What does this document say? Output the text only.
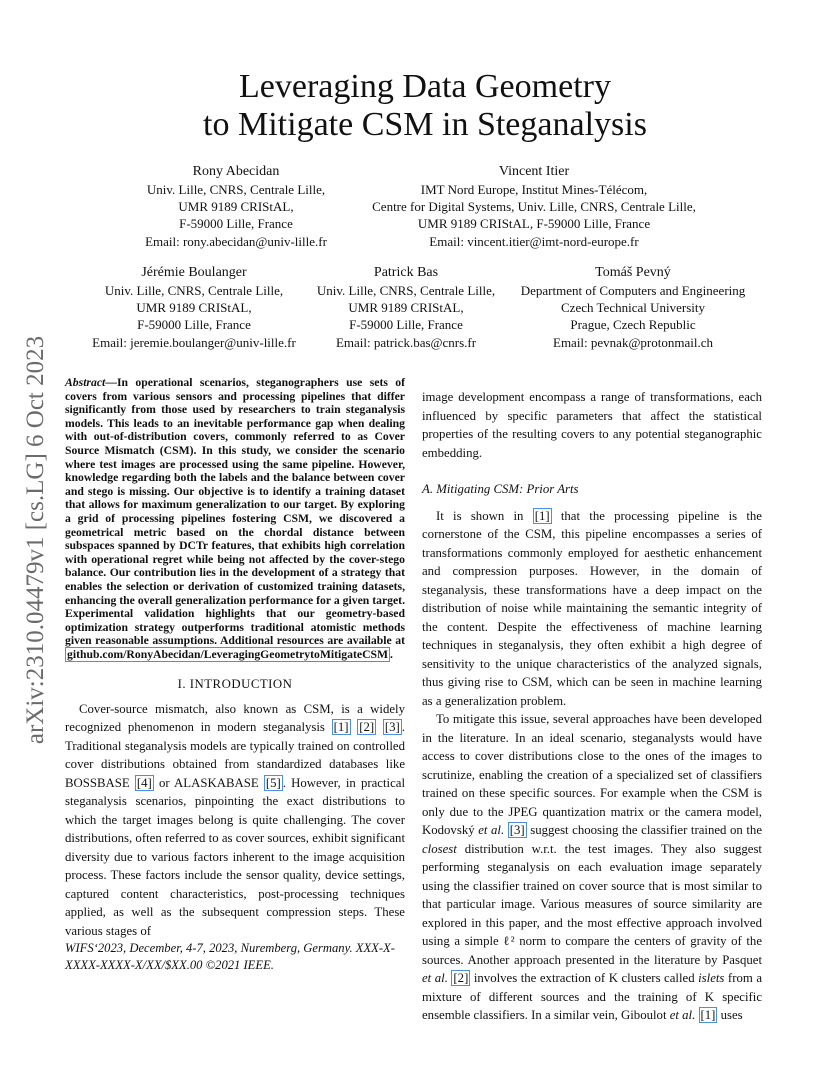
arXiv:2310.04479v1 [cs.LG] 6 Oct 2023
Leveraging Data Geometry
to Mitigate CSM in Steganalysis
Rony Abecidan
Univ. Lille, CNRS, Centrale Lille,
UMR 9189 CRIStAL,
F-59000 Lille, France
Email: rony.abecidan@univ-lille.fr
Vincent Itier
IMT Nord Europe, Institut Mines-Télécom,
Centre for Digital Systems, Univ. Lille, CNRS, Centrale Lille,
UMR 9189 CRIStAL, F-59000 Lille, France
Email: vincent.itier@imt-nord-europe.fr
Jérémie Boulanger
Univ. Lille, CNRS, Centrale Lille,
UMR 9189 CRIStAL,
F-59000 Lille, France
Email: jeremie.boulanger@univ-lille.fr
Patrick Bas
Univ. Lille, CNRS, Centrale Lille,
UMR 9189 CRIStAL,
F-59000 Lille, France
Email: patrick.bas@cnrs.fr
Tomáš Pevný
Department of Computers and Engineering
Czech Technical University
Prague, Czech Republic
Email: pevnak@protonmail.ch

Abstract—In operational scenarios, steganographers use sets of covers from various sensors and processing pipelines that differ significantly from those used by researchers to train steganalysis models. This leads to an inevitable performance gap when dealing with out-of-distribution covers, commonly referred to as Cover Source Mismatch (CSM). In this study, we consider the scenario where test images are processed using the same pipeline. However, knowledge regarding both the labels and the balance between cover and stego is missing. Our objective is to identify a training dataset that allows for maximum generalization to our target. By exploring a grid of processing pipelines fostering CSM, we discovered a geometrical metric based on the chordal distance between subspaces spanned by DCTr features, that exhibits high correlation with operational regret while being not affected by the cover-stego balance. Our contribution lies in the development of a strategy that enables the selection or derivation of customized training datasets, enhancing the overall generalization performance for a given target. Experimental validation highlights that our geometry-based optimization strategy outperforms traditional atomistic methods given reasonable assumptions. Additional resources are available at github.com/RonyAbecidan/LeveragingGeometrytoMitigateCSM .

I. INTRODUCTION

Cover-source mismatch, also known as CSM, is a widely recognized phenomenon in modern steganalysis [1] [2] [3] . Traditional steganalysis models are typically trained on controlled cover distributions obtained from standardized databases like BOSSBASE [4] or ALASKABASE [5] . However, in practical steganalysis scenarios, pinpointing the exact distributions to which the target images belong is quite challenging. The cover distributions, often referred to as cover sources, exhibit significant diversity due to various factors inherent to the image acquisition process. These factors include the sensor quality, device settings, captured content characteristics, post-processing techniques applied, as well as the subsequent compression steps. These various stages of

WIFS‘2023, December, 4-7, 2023, Nuremberg, Germany. XXX-X-XXXX-XXXX-X/XX/$XX.00 ©2021 IEEE.

image development encompass a range of transformations, each influenced by specific parameters that affect the statistical properties of the resulting covers to any potential steganographic embedding.

A. Mitigating CSM: Prior Arts

It is shown in [1] that the processing pipeline is the cornerstone of the CSM, this pipeline encompasses a series of transformations commonly employed for aesthetic enhancement and compression purposes. However, in the domain of steganalysis, these transformations have a deep impact on the distribution of noise while maintaining the semantic integrity of the content. Despite the effectiveness of machine learning techniques in steganalysis, they often exhibit a high degree of sensitivity to the unique characteristics of the analyzed signals, thus giving rise to CSM, which can be seen in machine learning as a generalization problem.

To mitigate this issue, several approaches have been developed in the literature. In an ideal scenario, steganalysts would have access to cover distributions close to the ones of the images to scrutinize, enabling the creation of a specialized set of classifiers trained on these specific sources. For example when the CSM is only due to the JPEG quantization matrix or the camera model, Kodovský et al. [3] suggest choosing the classifier trained on the closest distribution w.r.t. the test images. They also suggest performing steganalysis on each evaluation image separately using the classifier trained on cover source that is most similar to that particular image. Various measures of source similarity are explored in this paper, and the most effective approach involved using a simple ℓ² norm to compare the centers of gravity of the sources. Another approach presented in the literature by Pasquet et al. [2] involves the extraction of K clusters called islets from a mixture of different sources and the training of K specific ensemble classifiers. In a similar vein, Giboulot et al. [1] uses
